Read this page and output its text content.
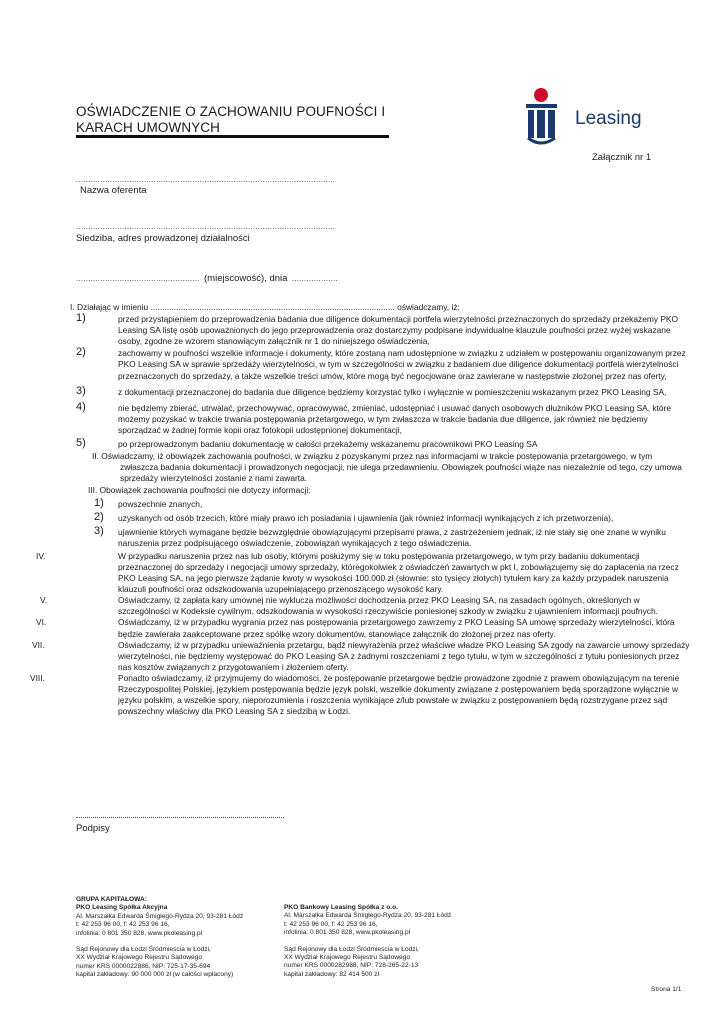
OŚWIADCZENIE O ZACHOWANIU POUFNOŚCI I
KARACH UMOWNYCH	Leasing
Załącznik nr 1
...........................................................................................................
Nazwa oferenta
...........................................................................................................
Siedziba, adres prowadzonej działalności
................................................... (miejscowość), dnia ...................

I. Działając w imieniu ......................................................................................................... oświadczamy, iż:

1)	przed przystąpieniem do przeprowadzenia badania due diligence dokumentacji portfela wierzytelności przeznaczonych do sprzedaży przekażemy PKO Leasing SA listę osób upoważnionych do jego przeprowadzenia oraz dostarczymy podpisane indywidualne klauzule poufności przez wyżej wskazane osoby, zgodne ze wzorem stanowiącym załącznik nr 1 do niniejszego oświadczenia,

2)	zachowamy w poufności wszelkie informacje i dokumenty, które zostaną nam udostępnione w związku z udziałem w postępowaniu organizowanym przez PKO Leasing SA w sprawie sprzedaży wierzytelności, w tym w szczególności w związku z badaniem due diligence dokumentacji portfela wierzytelności przeznaczonych do sprzedaży, a także wszelkie treści umów, które mogą być negocjowane oraz zawierane w następstwie złożonej przez nas oferty,

3)	z dokumentacji przeznaczonej do badania due diligence będziemy korzystać tylko i wyłącznie w pomieszczeniu wskazanym przez PKO Leasing SA,

4)	nie będziemy zbierać, utrwalać, przechowywać, opracowywać, zmieniać, udostępniać i usuwać danych osobowych dłużników PKO Leasing SA, które możemy pozyskać w trakcie trwania postępowania przetargowego, w tym zwłaszcza w trakcie badania due diligence, jak również nie będziemy sporządzać w żadnej formie kopii oraz fotokopii udostępnionej dokumentacji,

5)	po przeprowadzonym badaniu dokumentację w całości przekażemy wskazanemu pracownikowi PKO Leasing SA

II. Oświadczamy, iż obowiązek zachowania poufności, w związku z pozyskanymi przez nas informacjami w trakcie postępowania przetargowego, w tym zwłaszcza badania dokumentacji i prowadzonych negocjacji, nie ulega przedawnieniu. Obowiązek poufności wiąże nas niezależnie od tego, czy umowa sprzedaży wierzytelności zostanie z nami zawarta.

III. Obowiązek zachowania poufności nie dotyczy informacji:

1) powszechnie znanych,

2) uzyskanych od osób trzecich, które miały prawo ich posiadania i ujawnienia (jak również informacji wynikających z ich przetworzenia),

3) ujawnienie których wymagane będzie bezwzględnie obowiązującymi przepisami prawa, z zastrzeżeniem jednak, iż nie stały się one znane w wyniku naruszenia przez podpisującego oświadczenie, zobowiązań wynikających z tego oświadczenia.

IV.	W przypadku naruszenia przez nas lub osoby, którymi posłużymy się w toku postępowania przetargowego, w tym przy badaniu dokumentacji przeznaczonej do sprzedaży i negocjacji umowy sprzedaży, któregokolwiek z oświadczeń zawartych w pkt I, zobowiązujemy się do zapłacenia na rzecz PKO Leasing SA, na jego pierwsze żądanie kwoty w wysokości 100.000 zł (słownie: sto tysięcy złotych) tytułem kary za każdy przypadek naruszenia klauzuli poufności oraz odszkodowania uzupełniającego przenoszącego wysokość kary.

V.	Oświadczamy, iż zapłata kary umownej nie wyklucza możliwości dochodzenia przez PKO Leasing SA, na zasadach ogólnych, określonych w szczególności w Kodeksie cywilnym, odszkodowania w wysokości rzeczywiście poniesionej szkody w związku z ujawnieniem informacji poufnych.

VI.	Oświadczamy, iż w przypadku wygrania przez nas postępowania przetargowego zawrzemy z PKO Leasing SA umowę sprzedaży wierzytelności, która będzie zawierała zaakceptowane przez spółkę wzory dokumentów, stanowiące załącznik do złożonej przez nas oferty.

VII.	Oświadczamy, iż w przypadku unieważnienia przetargu, bądź niewyrażenia przez właściwe władze PKO Leasing SA zgody na zawarcie umowy sprzedaży wierzytelności, nie będziemy występować do PKO Leasing SA z żadnymi roszczeniami z tego tytułu, w tym w szczególności z tytułu poniesionych przez nas kosztów związanych z przygotowaniem i złożeniem oferty.

VIII.	Ponadto oświadczamy, iż przyjmujemy do wiadomości, że postępowanie przetargowe będzie prowadzone zgodnie z prawem obowiązującym na terenie Rzeczypospolitej Polskiej, językiem postępowania będzie język polski, wszelkie dokumenty związane z postępowaniem będą sporządzone wyłącznie w języku polskim, a wszelkie spory, nieporozumienia i roszczenia wynikające z/lub powstałe w związku z postępowaniem będą rozstrzygane przez sąd powszechny właściwy dla PKO Leasing SA z siedzibą w Łodzi.

Podpisy
GRUPA KAPITAŁOWA:
PKO Leasing Spółka Akcyjna
Al. Marszałka Edwarda Śmigłego-Rydza 20, 93-281 Łódź
t: 42 253 96 00, f: 42 253 96 16,
infolinia: 0 801 350 828, www.pkoleasing.pl
Sąd Rejonowy dla Łodzi Śródmieścia w Łodzi,
XX Wydział Krajowego Rejestru Sądowego
numer KRS 0000022886, NIP: 725-17-35-694
kapitał zakładowy: 90 000 000 zł (w całości wpłacony)
PKO Bankowy Leasing Spółka z o.o.
Al. Marszałka Edwarda Śmigłego-Rydza 20, 93-281 Łódź
t: 42 253 96 00, f: 42 253 96 16,
infolinia: 0 801 350 828, www.pkoleasing.pl
Sąd Rejonowy dla Łodzi Śródmieścia w Łodzi,
XX Wydział Krajowego Rejestru Sądowego
numer KRS 0000282988, NIP: 728-265-22-13
kapitał zakładowy: 82 414 500 zł
Strona 1/1
